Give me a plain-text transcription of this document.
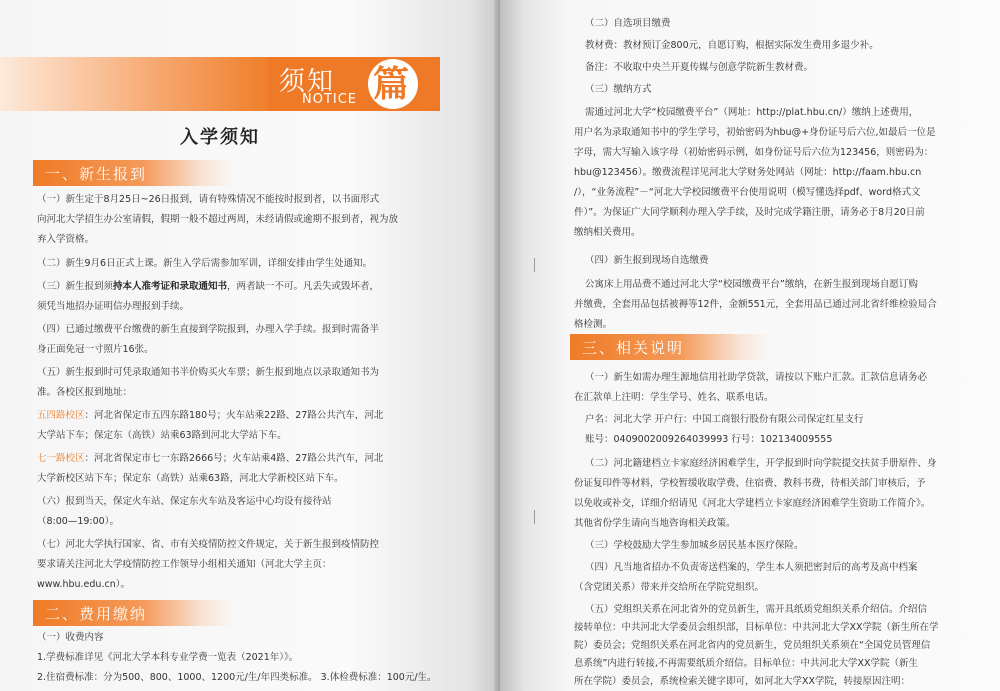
须知
NOTICE 篇
入学须知
一、新生报到
（一）新生定于8月25日~26日报到，请有特殊情况不能按时报到者，以书面形式
向河北大学招生办公室请假，假期一般不超过两周，未经请假或逾期不报到者，视为放
弃入学资格。
（二）新生9月6日正式上课。新生入学后需参加军训，详细安排由学生处通知。
（三）新生报到须持本人准考证和录取通知书，两者缺一不可。凡丢失或毁坏者，
须凭当地招办证明信办理报到手续。
（四）已通过缴费平台缴费的新生直接到学院报到，办理入学手续。报到时需备半
身正面免冠一寸照片16张。
（五）新生报到时可凭录取通知书半价购买火车票；新生报到地点以录取通知书为
准。各校区报到地址：
五四路校区：河北省保定市五四东路180号；火车站乘22路、27路公共汽车，河北
大学站下车；保定东（高铁）站乘63路到河北大学站下车。
七一路校区：河北省保定市七一东路2666号；火车站乘4路、27路公共汽车，河北
大学新校区站下车；保定东（高铁）站乘63路，河北大学新校区站下车。
（六）报到当天，保定火车站、保定东火车站及客运中心均设有接待站
（8:00—19:00）。
（七）河北大学执行国家、省、市有关疫情防控文件规定，关于新生报到疫情防控
要求请关注河北大学疫情防控工作领导小组相关通知（河北大学主页：
www.hbu.edu.cn）。
二、费用缴纳
（一）收费内容
1.学费标准详见《河北大学本科专业学费一览表（2021年）》。
2.住宿费标准：分为500、800、1000、1200元/生/年四类标准。 3.体检费标准：100元/生。
（二）自选项目缴费
教材费：教材预订金800元，自愿订购，根据实际发生费用多退少补。
备注：不收取中央兰开夏传媒与创意学院新生教材费。
（三）缴纳方式
需通过河北大学“校园缴费平台”（网址：http://plat.hbu.cn/）缴纳上述费用，
用户名为录取通知书中的学生学号，初始密码为hbu@+身份证号后六位,如最后一位是
字母，需大写输入该字母（初始密码示例，如身份证号后六位为123456，则密码为：
hbu@123456）。缴费流程详见河北大学财务处网站（网址：http://faam.hbu.cn
/），“业务流程”－“河北大学校园缴费平台使用说明（模写懂选择pdf、word格式文
件）”。为保证广大同学顺利办理入学手续，及时完成学籍注册，请务必于8月20日前
缴纳相关费用。
（四）新生报到现场自选缴费
公寓床上用品费不通过河北大学“校园缴费平台”缴纳，在新生报到现场自愿订购
并缴费，全套用品包括被褥等12件，金额551元，全套用品已通过河北省纤维检验局合
格检测。
三、相关说明
（一）新生如需办理生源地信用社助学贷款，请按以下账户汇款。汇款信息请务必
在汇款单上注明：学生学号、姓名、联系电话。
户名：河北大学 开户行：中国工商银行股份有限公司保定红星支行
账号：0409002009264039993 行号：102134009555
（二）河北籍建档立卡家庭经济困难学生，开学报到时向学院提交扶贫手册原件、身
份证复印件等材料，学校暂缓收取学费、住宿费、教科书费，待相关部门审核后，予
以免收或补交，详细介绍请见《河北大学建档立卡家庭经济困难学生资助工作简介》。
其他省份学生请向当地咨询相关政策。
（三）学校鼓励大学生参加城乡居民基本医疗保险。
（四）凡当地省招办不负责寄送档案的，学生本人须把密封后的高考及高中档案
（含党团关系）带来并交给所在学院党组织。
（五）党组织关系在河北省外的党员新生，需开具纸质党组织关系介绍信。介绍信
接转单位：中共河北大学委员会组织部，目标单位：中共河北大学XX学院（新生所在学
院）委员会；党组织关系在河北省内的党员新生，党员组织关系须在“全国党员管理信
息系统”内进行转接,不再需要纸质介绍信。目标单位：中共河北大学XX学院（新生
所在学院）委员会，系统检索关键字即可，如河北大学XX学院，转接原因注明：
